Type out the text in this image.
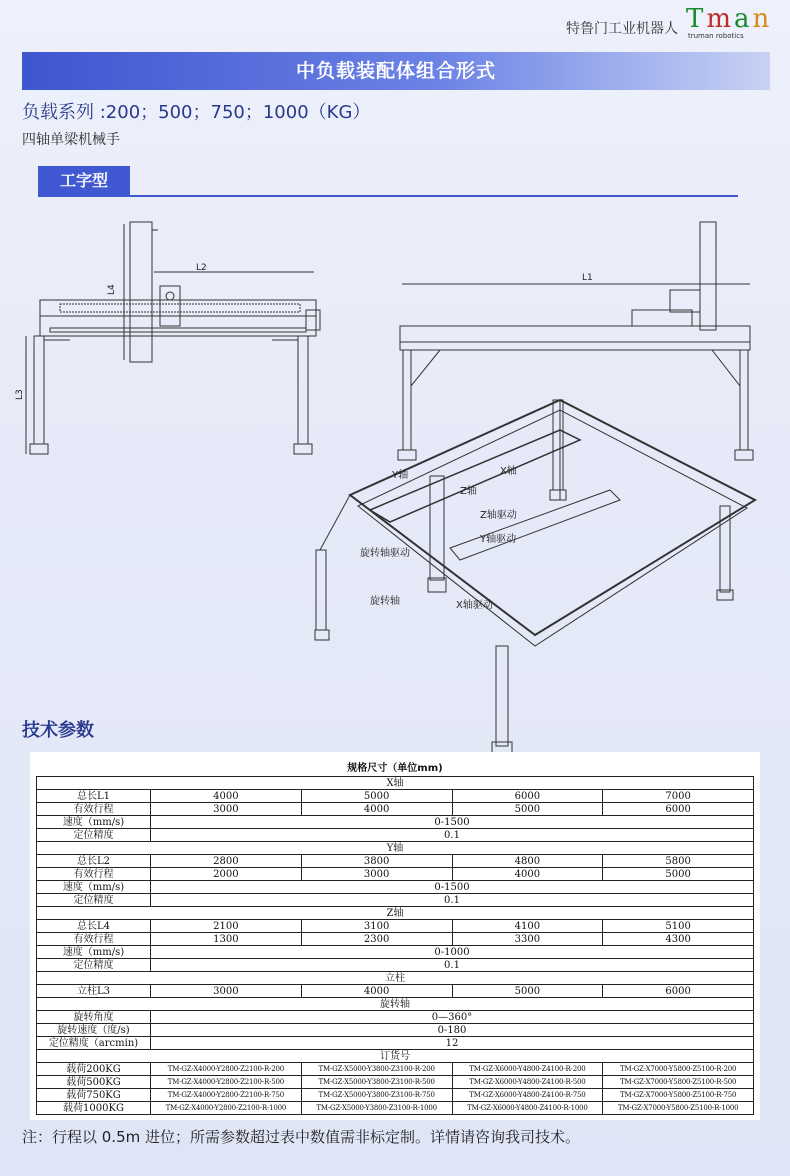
特鲁门工业机器人 Tman
truman robotics
中负载装配体组合形式
负载系列 :200；500；750；1000（KG）
四轴单梁机械手
工字型
L2
L4
L3
L1
Y轴	X轴
Z轴
Z轴驱动
Y轴驱动
旋转轴驱动
旋转轴	X轴驱动
技术参数
规格尺寸（单位mm)
X轴				
总长L1	4000	5000	6000	7000
有效行程	3000	4000	5000	6000
速度（mm/s)	0-1500			
定位精度	0.1			
Y轴				
总长L2	2800	3800	4800	5800
有效行程	2000	3000	4000	5000
速度（mm/s)	0-1500			
定位精度	0.1			
Z轴				
总长L4	2100	3100	4100	5100
有效行程	1300	2300	3300	4300
速度（mm/s)	0-1000			
定位精度	0.1			
立柱				
立柱L3	3000	4000	5000	6000
旋转轴				
旋转角度	0—360°			
旋转速度（度/s)	0-180			
定位精度（arcmin)	12			
订货号				
载荷200KG	TM-GZ-X4000-Y2800-Z2100-R-200	TM-GZ-X5000-Y3800-Z3100-R-200	TM-GZ-X6000-Y4800-Z4100-R-200	TM-GZ-X7000-Y5800-Z5100-R-200
载荷500KG	TM-GZ-X4000-Y2800-Z2100-R-500	TM-GZ-X5000-Y3800-Z3100-R-500	TM-GZ-X6000-Y4800-Z4100-R-500	TM-GZ-X7000-Y5800-Z5100-R-500
载荷750KG	TM-GZ-X4000-Y2800-Z2100-R-750	TM-GZ-X5000-Y3800-Z3100-R-750	TM-GZ-X6000-Y4800-Z4100-R-750	TM-GZ-X7000-Y5800-Z5100-R-750
载荷1000KG	TM-GZ-X4000-Y2800-Z2100-R-1000	TM-GZ-X5000-Y3800-Z3100-R-1000	TM-GZ-X6000-Y4800-Z4100-R-1000	TM-GZ-X7000-Y5800-Z5100-R-1000
注：行程以 0.5m 进位；所需参数超过表中数值需非标定制。详情请咨询我司技术。
